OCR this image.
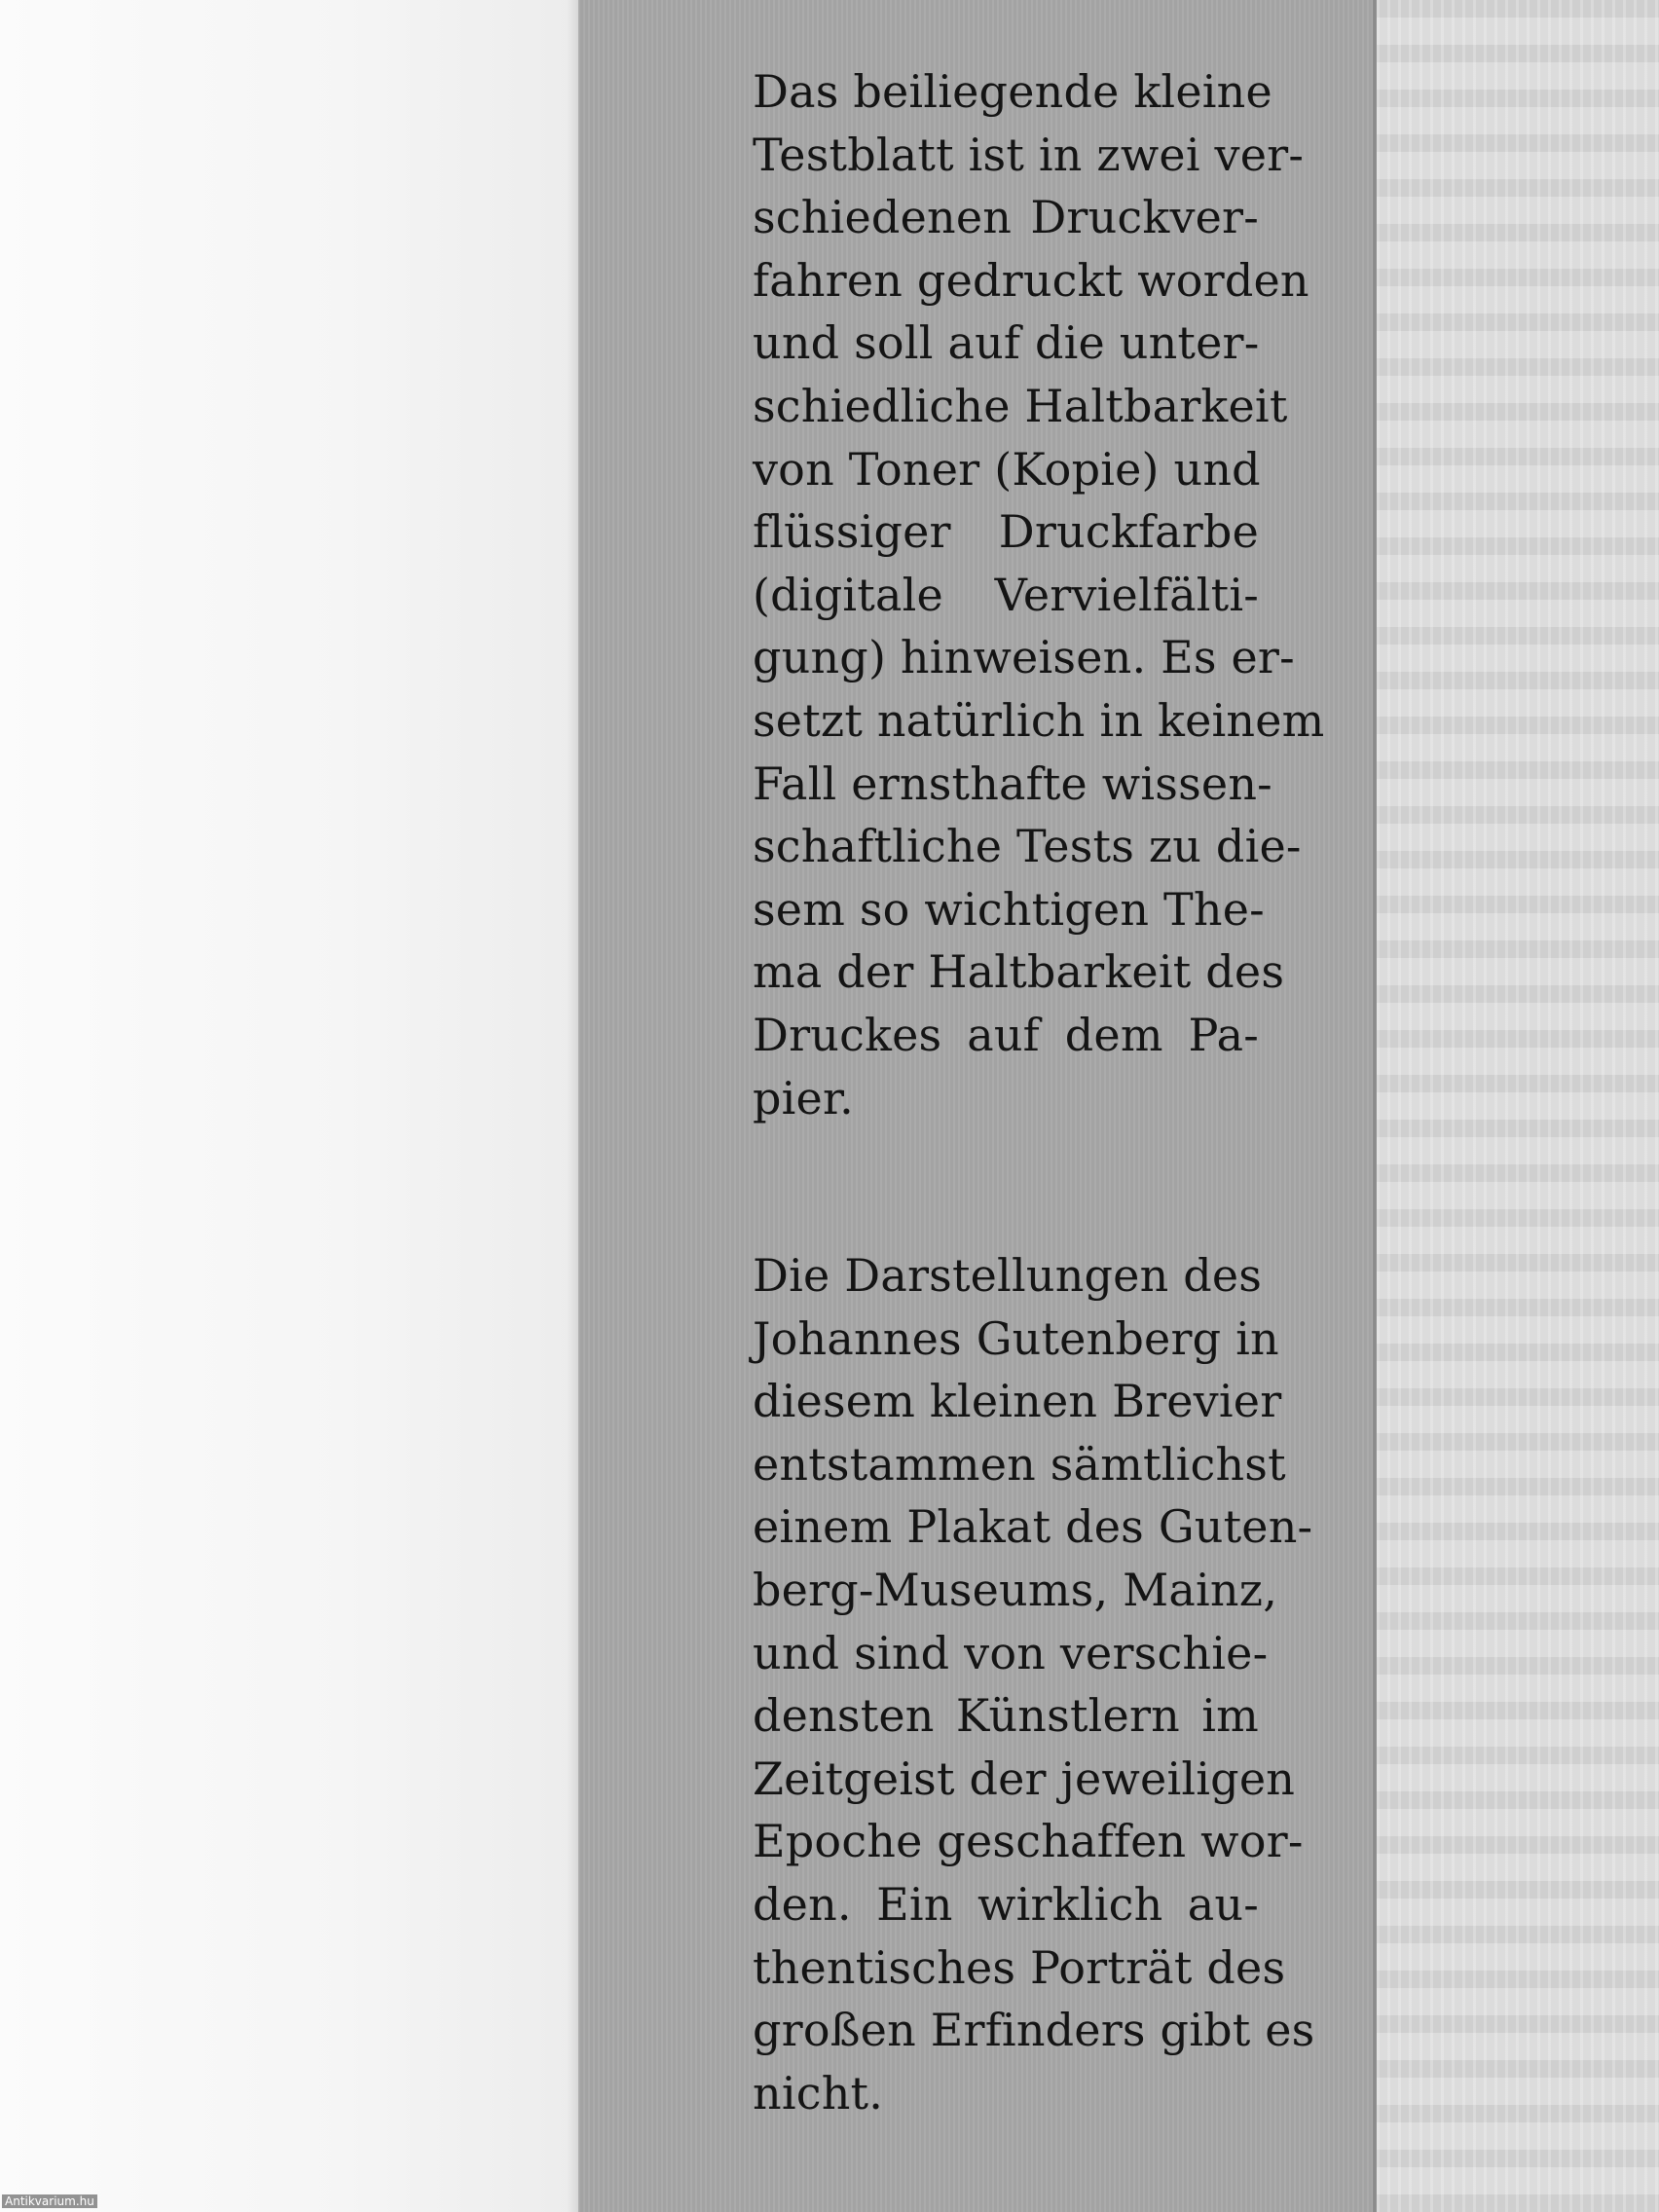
Das beiliegende kleine
Testblatt ist in zwei ver-
schiedenen Druckver-
fahren gedruckt worden
und soll auf die unter-
schiedliche Haltbarkeit
von Toner (Kopie) und
flüssiger Druckfarbe
(digitale Vervielfälti-
gung) hinweisen. Es er-
setzt natürlich in keinem
Fall ernsthafte wissen-
schaftliche Tests zu die-
sem so wichtigen The-
ma der Haltbarkeit des
Druckes auf dem Pa-
pier.
Die Darstellungen des
Johannes Gutenberg in
diesem kleinen Brevier
entstammen sämtlichst
einem Plakat des Guten-
berg-Museums, Mainz,
und sind von verschie-
densten Künstlern im
Zeitgeist der jeweiligen
Epoche geschaffen wor-
den. Ein wirklich au-
thentisches Porträt des
großen Erfinders gibt es
nicht.
Antikvarium.hu
